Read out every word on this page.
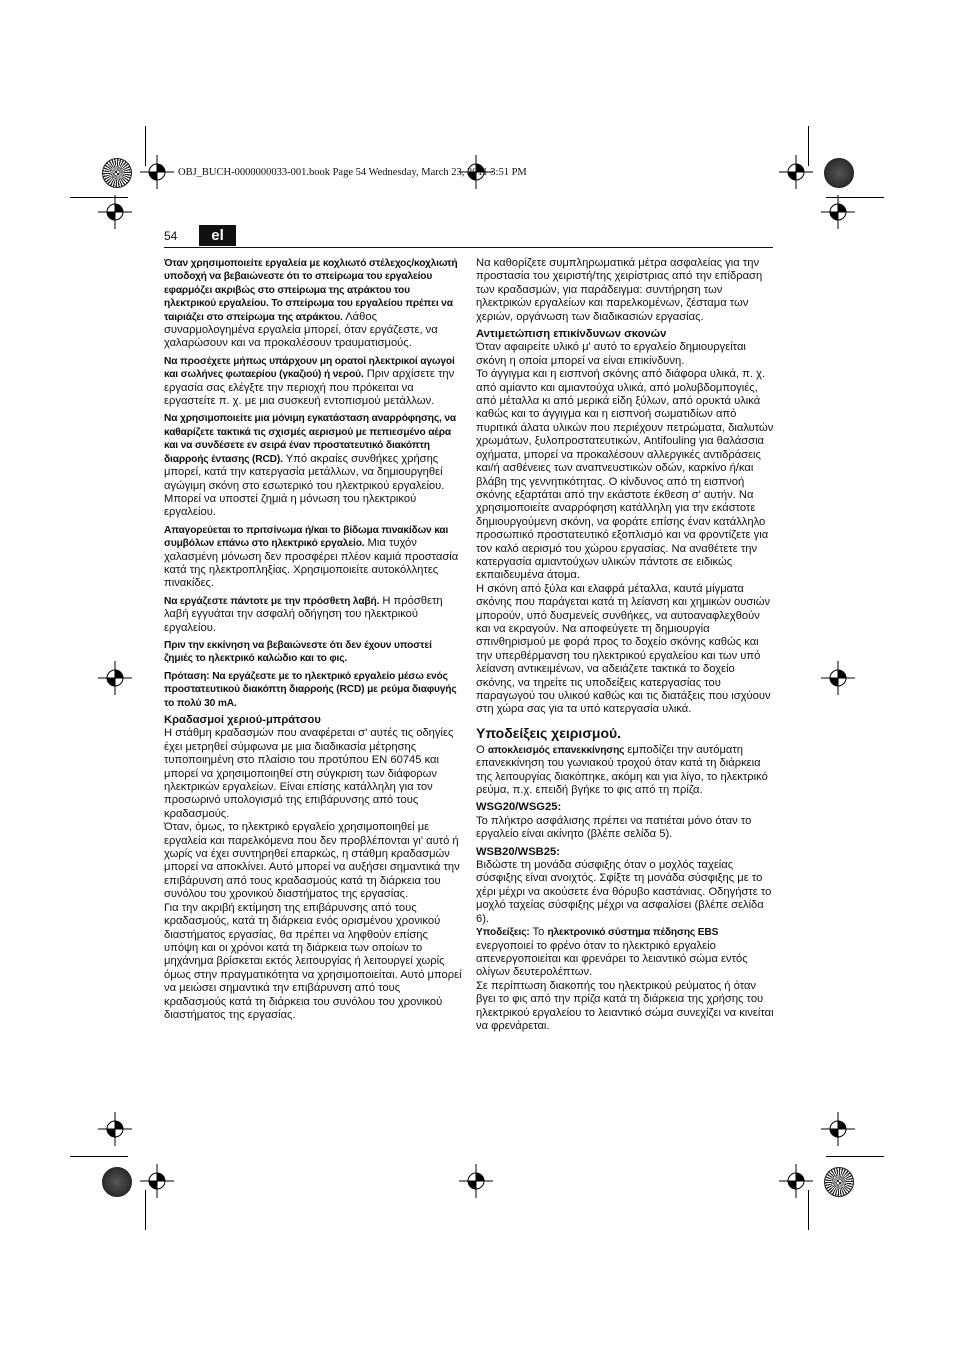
OBJ_BUCH-0000000033-001.book Page 54 Wednesday, March 23, 2011 3:51 PM
54	el

Όταν χρησιμοποιείτε εργαλεία με κοχλιωτό στέλεχος/κοχλιωτή υποδοχή να βεβαιώνεστε ότι το σπείρωμα του εργαλείου εφαρμόζει ακριβώς στο σπείρωμα της ατράκτου του ηλεκτρικού εργαλείου. Το σπείρωμα του εργαλείου πρέπει να ταιριάζει στο σπείρωμα της ατράκτου. Λάθος συναρμολογημένα εργαλεία μπορεί, όταν εργάζεστε, να χαλαρώσουν και να προκαλέσουν τραυματισμούς.

Να προσέχετε μήπως υπάρχουν μη ορατοί ηλεκτρικοί αγωγοί και σωλήνες φωταερίου (γκαζιού) ή νερού. Πριν αρχίσετε την εργασία σας ελέγξτε την περιοχή που πρόκειται να εργαστείτε π. χ. με μια συσκευή εντοπισμού μετάλλων.

Να χρησιμοποιείτε μια μόνιμη εγκατάσταση αναρρόφησης, να καθαρίζετε τακτικά τις σχισμές αερισμού με πεπιεσμένο αέρα και να συνδέσετε εν σειρά έναν προστατευτικό διακόπτη διαρροής έντασης (RCD). Υπό ακραίες συνθήκες χρήσης μπορεί, κατά την κατεργασία μετάλλων, να δημιουργηθεί αγώγιμη σκόνη στο εσωτερικό του ηλεκτρικού εργαλείου. Μπορεί να υποστεί ζημιά η μόνωση του ηλεκτρικού εργαλείου.

Απαγορεύεται το πριτσίνωμα ή/και το βίδωμα πινακίδων και συμβόλων επάνω στο ηλεκτρικό εργαλείο. Μια τυχόν χαλασμένη μόνωση δεν προσφέρει πλέον καμιά προστασία κατά της ηλεκτροπληξίας. Χρησιμοποιείτε αυτοκόλλητες πινακίδες.

Να εργάζεστε πάντοτε με την πρόσθετη λαβή. Η πρόσθετη λαβή εγγυάται την ασφαλή οδήγηση του ηλεκτρικού εργαλείου.

Πριν την εκκίνηση να βεβαιώνεστε ότι δεν έχουν υποστεί ζημιές το ηλεκτρικό καλώδιο και το φις.

Πρόταση: Να εργάζεστε με το ηλεκτρικό εργαλείο μέσω ενός προστατευτικού διακόπτη διαρροής (RCD) με ρεύμα διαφυγής το πολύ 30 mA.

Κραδασμοί χεριού-μπράτσου

Η στάθμη κραδασμών που αναφέρεται σ' αυτές τις οδηγίες έχει μετρηθεί σύμφωνα με μια διαδικασία μέτρησης τυποποιημένη στο πλαίσιο του προτύπου EN 60745 και μπορεί να χρησιμοποιηθεί στη σύγκριση των διάφορων ηλεκτρικών εργαλείων. Είναι επίσης κατάλληλη για τον προσωρινό υπολογισμό της επιβάρυνσης από τους κραδασμούς.

Όταν, όμως, το ηλεκτρικό εργαλείο χρησιμοποιηθεί με εργαλεία και παρελκόμενα που δεν προβλέπονται γι' αυτό ή χωρίς να έχει συντηρηθεί επαρκώς, η στάθμη κραδασμών μπορεί να αποκλίνει. Αυτό μπορεί να αυξήσει σημαντικά την επιβάρυνση από τους κραδασμούς κατά τη διάρκεια του συνόλου του χρονικού διαστήματος της εργασίας.

Για την ακριβή εκτίμηση της επιβάρυνσης από τους κραδασμούς, κατά τη διάρκεια ενός ορισμένου χρονικού διαστήματος εργασίας, θα πρέπει να ληφθούν επίσης υπόψη και οι χρόνοι κατά τη διάρκεια των οποίων το μηχάνημα βρίσκεται εκτός λειτουργίας ή λειτουργεί χωρίς όμως στην πραγματικότητα να χρησιμοποιείται. Αυτό μπορεί να μειώσει σημαντικά την επιβάρυνση από τους κραδασμούς κατά τη διάρκεια του συνόλου του χρονικού διαστήματος της εργασίας.

Να καθορίζετε συμπληρωματικά μέτρα ασφαλείας για την προστασία του χειριστή/της χειρίστριας από την επίδραση των κραδασμών, για παράδειγμα: συντήρηση των ηλεκτρικών εργαλείων και παρελκομένων, ζέσταμα των χεριών, οργάνωση των διαδικασιών εργασίας.

Αντιμετώπιση επικίνδυνων σκονών

Όταν αφαιρείτε υλικό μ' αυτό το εργαλείο δημιουργείται σκόνη η οποία μπορεί να είναι επικίνδυνη.

Το άγγιγμα και η εισπνοή σκόνης από διάφορα υλικά, π. χ. από αμίαντο και αμιαντούχα υλικά, από μολυβδομπογιές, από μέταλλα κι από μερικά είδη ξύλων, από ορυκτά υλικά καθώς και το άγγιγμα και η εισπνοή σωματιδίων από πυριτικά άλατα υλικών που περιέχουν πετρώματα, διαλυτών χρωμάτων, ξυλοπροστατευτικών, Antifouling για θαλάσσια οχήματα, μπορεί να προκαλέσουν αλλεργικές αντιδράσεις και/ή ασθένειες των αναπνευστικών οδών, καρκίνο ή/και βλάβη της γεννητικότητας. Ο κίνδυνος από τη εισπνοή σκόνης εξαρτάται από την εκάστοτε έκθεση σ' αυτήν. Να χρησιμοποιείτε αναρρόφηση κατάλληλη για την εκάστοτε δημιουργούμενη σκόνη, να φοράτε επίσης έναν κατάλληλο προσωπικό προστατευτικό εξοπλισμό και να φροντίζετε για τον καλό αερισμό του χώρου εργασίας. Να αναθέτετε την κατεργασία αμιαντούχων υλικών πάντοτε σε ειδικώς εκπαιδευμένα άτομα.

Η σκόνη από ξύλα και ελαφρά μέταλλα, καυτά μίγματα σκόνης που παράγεται κατά τη λείανση και χημικών ουσιών μπορούν, υπό δυσμενείς συνθήκες, να αυτοαναφλεχθούν και να εκραγούν. Να αποφεύγετε τη δημιουργία σπινθηρισμού με φορά προς το δοχείο σκόνης καθώς και την υπερθέρμανση του ηλεκτρικού εργαλείου και των υπό λείανση αντικειμένων, να αδειάζετε τακτικά το δοχείο σκόνης, να τηρείτε τις υποδείξεις κατεργασίας του παραγωγού του υλικού καθώς και τις διατάξεις που ισχύουν στη χώρα σας για τα υπό κατεργασία υλικά.

Υποδείξεις χειρισμού.

Ο αποκλεισμός επανεκκίνησης εμποδίζει την αυτόματη επανεκκίνηση του γωνιακού τροχού όταν κατά τη διάρκεια της λειτουργίας διακόπηκε, ακόμη και για λίγο, το ηλεκτρικό ρεύμα, π.χ. επειδή βγήκε το φις από τη πρίζα.

WSG20/WSG25:

Το πλήκτρο ασφάλισης πρέπει να πατιέται μόνο όταν το εργαλείο είναι ακίνητο (βλέπε σελίδα 5).

WSB20/WSB25:

Βιδώστε τη μονάδα σύσφιξης όταν ο μοχλός ταχείας σύσφιξης είναι ανοιχτός. Σφίξτε τη μονάδα σύσφιξης με το χέρι μέχρι να ακούσετε ένα θόρυβο καστάνιας. Οδηγήστε το μοχλό ταχείας σύσφιξης μέχρι να ασφαλίσει (βλέπε σελίδα 6).

Υποδείξεις: Το ηλεκτρονικό σύστημα πέδησης EBS ενεργοποιεί το φρένο όταν το ηλεκτρικό εργαλείο απενεργοποιείται και φρενάρει το λειαντικό σώμα εντός ολίγων δευτερολέπτων.

Σε περίπτωση διακοπής του ηλεκτρικού ρεύματος ή όταν βγει το φις από την πρίζα κατά τη διάρκεια της χρήσης του ηλεκτρικού εργαλείου το λειαντικό σώμα συνεχίζει να κινείται να φρενάρεται.
